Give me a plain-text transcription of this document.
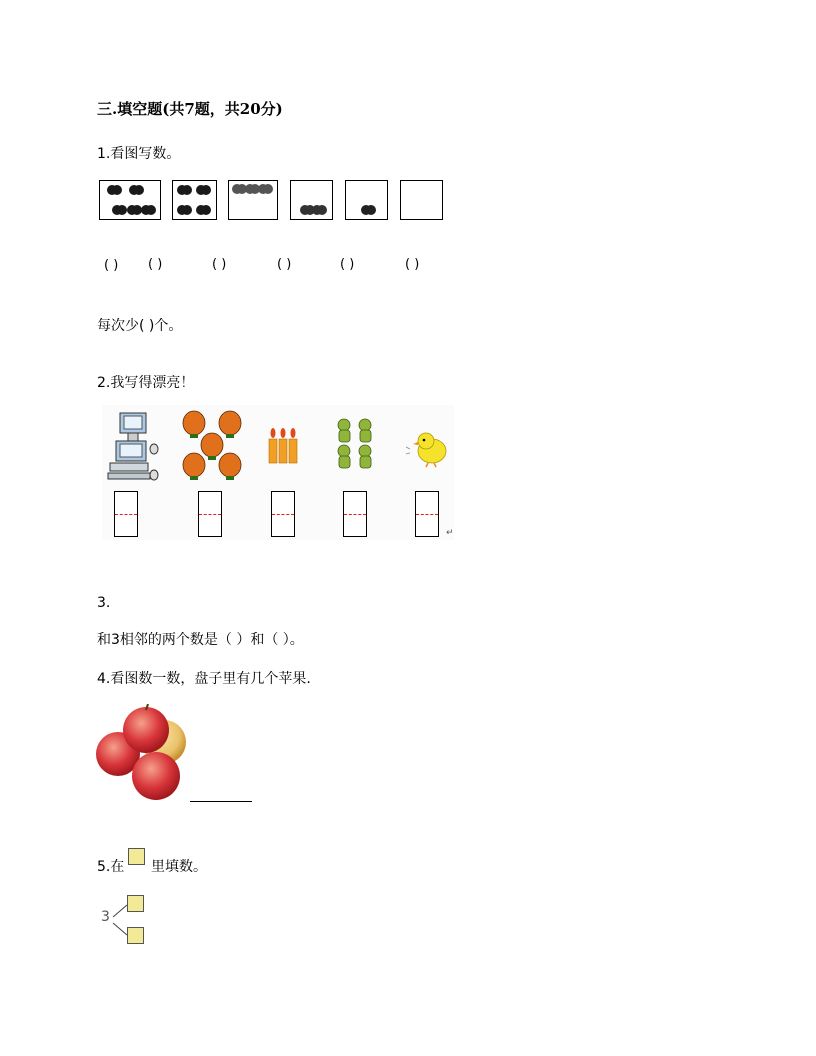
三.填空题(共7题，共20分)
1.看图写数。
( ) ( )	( )	( )	( )	( )
每次少( )个。
2.我写得漂亮！
↵
3.
和3相邻的两个数是（ ）和（ ）。
4.看图数一数，盘子里有几个苹果.
5.在 里填数。
3
